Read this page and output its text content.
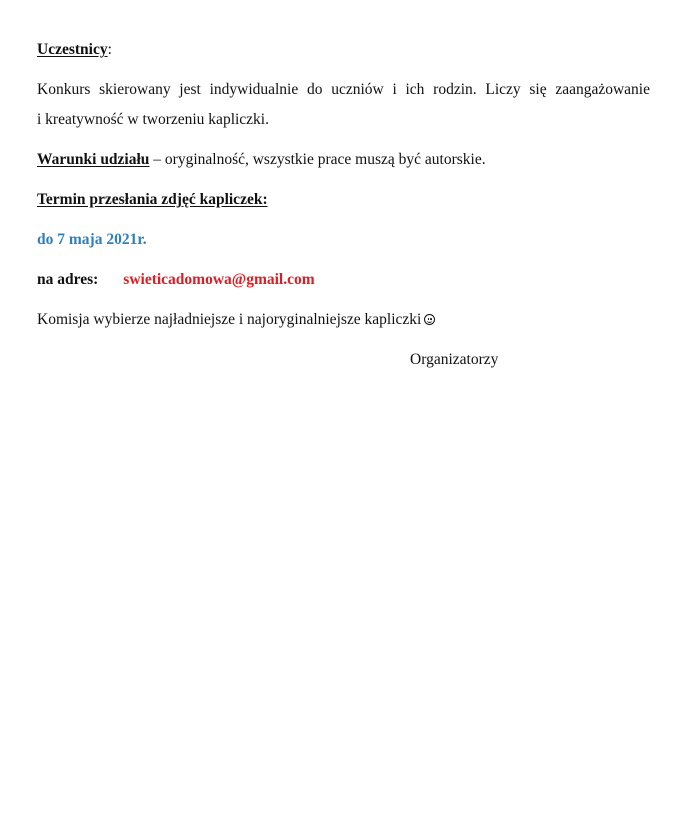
Uczestnicy:
Konkurs skierowany jest indywidualnie do uczniów i ich rodzin. Liczy się zaangażowanie
i kreatywność w tworzeniu kapliczki.
Warunki udziału – oryginalność, wszystkie prace muszą być autorskie.
Termin przesłania zdjęć kapliczek:
do 7 maja 2021r.
na adres: swieticadomowa@gmail.com
Komisja wybierze najładniejsze i najoryginalniejsze kapliczki
Organizatorzy
